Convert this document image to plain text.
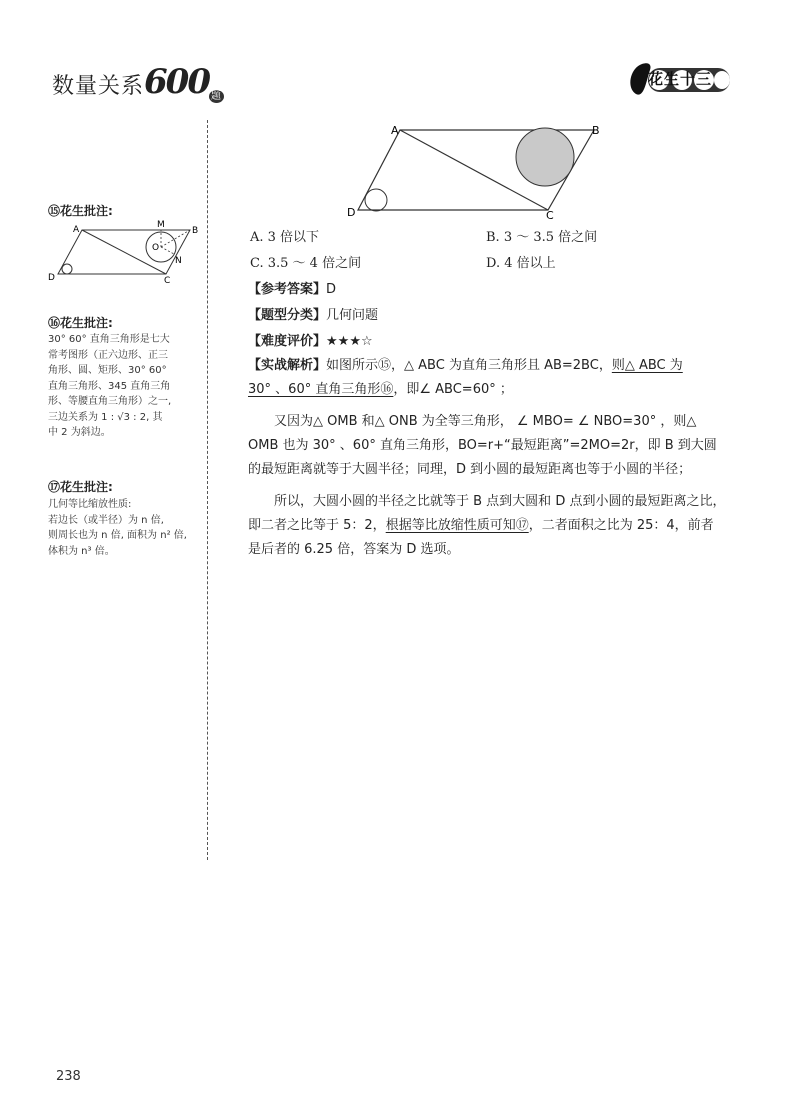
数量关系600 题
花生十三
A	B
C
D
⑮花生批注:
A	M
B
O
N
D	C
⑯花生批注:
30° 60° 直角三角形是七大
常考图形（正六边形、正三
角形、圆、矩形、30° 60°
直角三角形、345 直角三角
形、等腰直角三角形）之一,
三边关系为 1 : √3 : 2, 其
中 2 为斜边。
⑰花生批注:
几何等比缩放性质:
若边长（或半径）为 n 倍,
则周长也为 n 倍, 面积为 n² 倍,
体积为 n³ 倍。
A. 3 倍以下	B. 3 ～ 3.5 倍之间
C. 3.5 ～ 4 倍之间	D. 4 倍以上
【参考答案】D
【题型分类】几何问题
【难度评价】★★★☆
【实战解析】如图所示⑮，△ ABC 为直角三角形且 AB=2BC，则△ ABC 为
30° 、60° 直角三角形⑯，即∠ ABC=60° ；
又因为△ OMB 和△ ONB 为全等三角形， ∠ MBO= ∠ NBO=30° ，则△ OMB 也为 30° 、60° 直角三角形，BO=r+“最短距离”=2MO=2r，即 B 到大圆的最短距离就等于大圆半径；同理，D 到小圆的最短距离也等于小圆的半径；
所以，大圆小圆的半径之比就等于 B 点到大圆和 D 点到小圆的最短距离之比，即二者之比等于 5：2，根据等比放缩性质可知⑰，二者面积之比为 25：4，前者是后者的 6.25 倍，答案为 D 选项。
238
